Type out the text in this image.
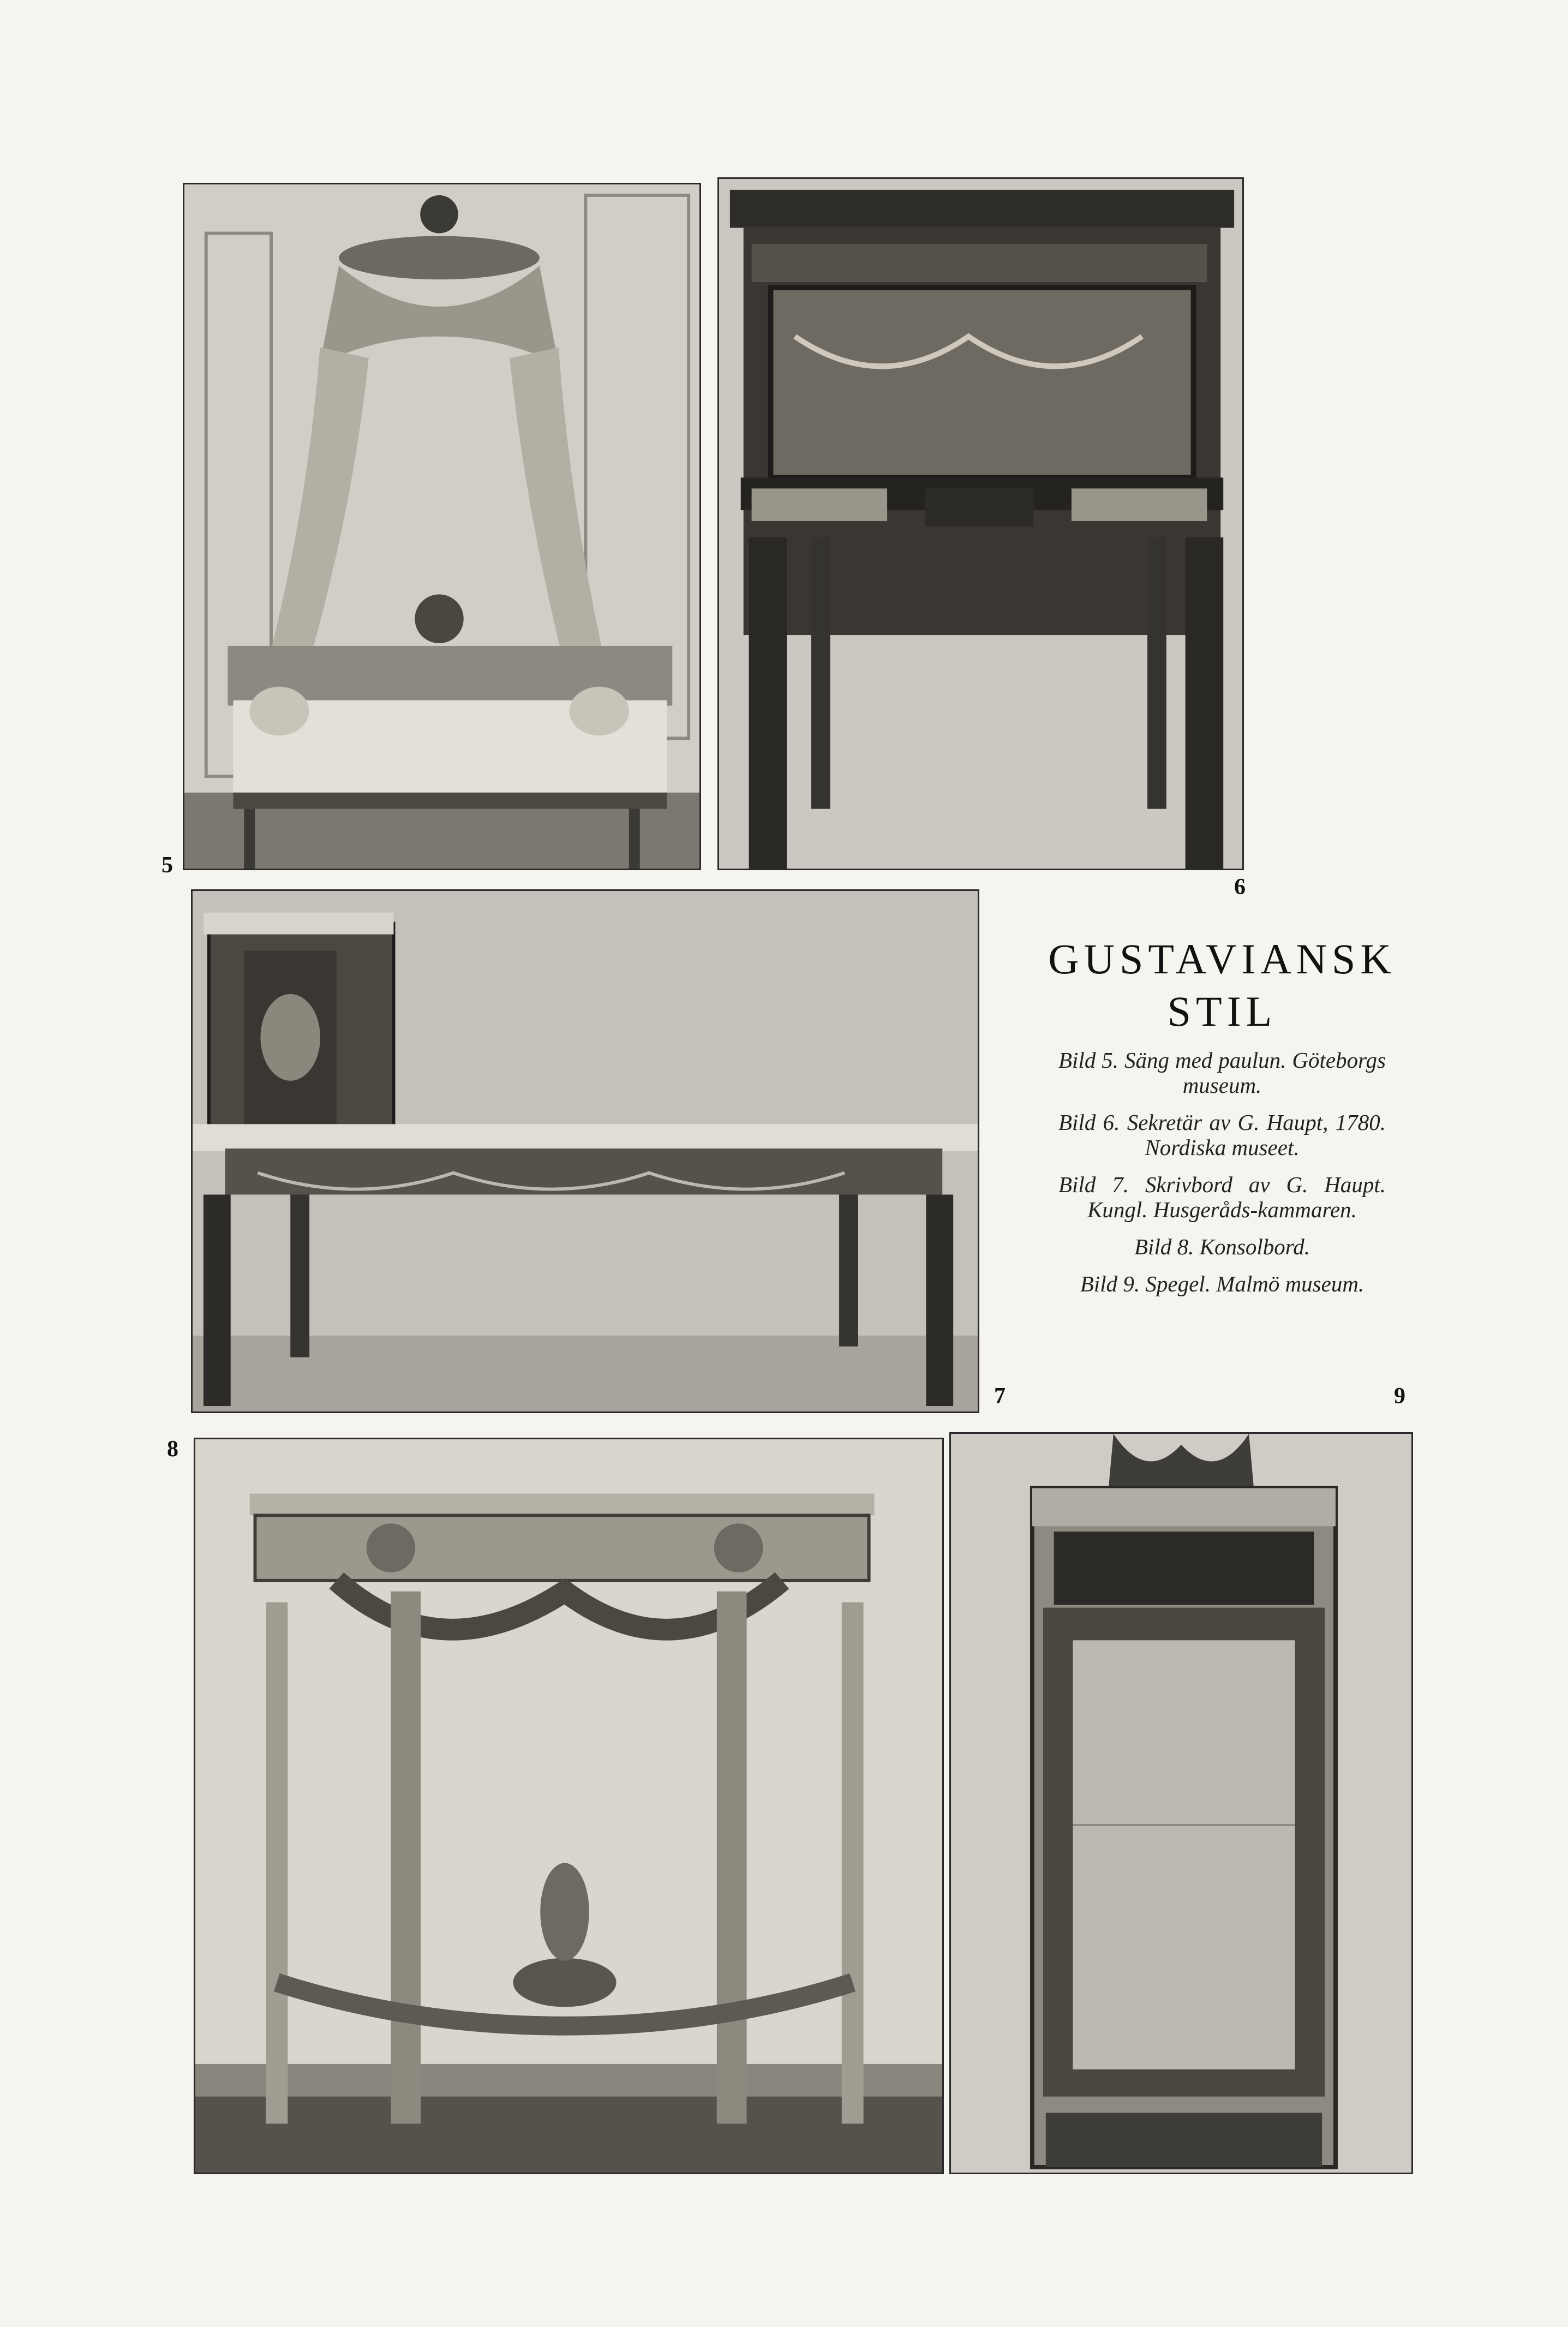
5
6
7
8
9
GUSTAVIANSK
STIL

Bild 5. Säng med paulun. Göteborgs museum.

Bild 6. Sekretär av G. Haupt, 1780. Nordiska museet.

Bild 7. Skrivbord av G. Haupt. Kungl. Husgeråds-kammaren.

Bild 8. Konsolbord.

Bild 9. Spegel. Malmö museum.
